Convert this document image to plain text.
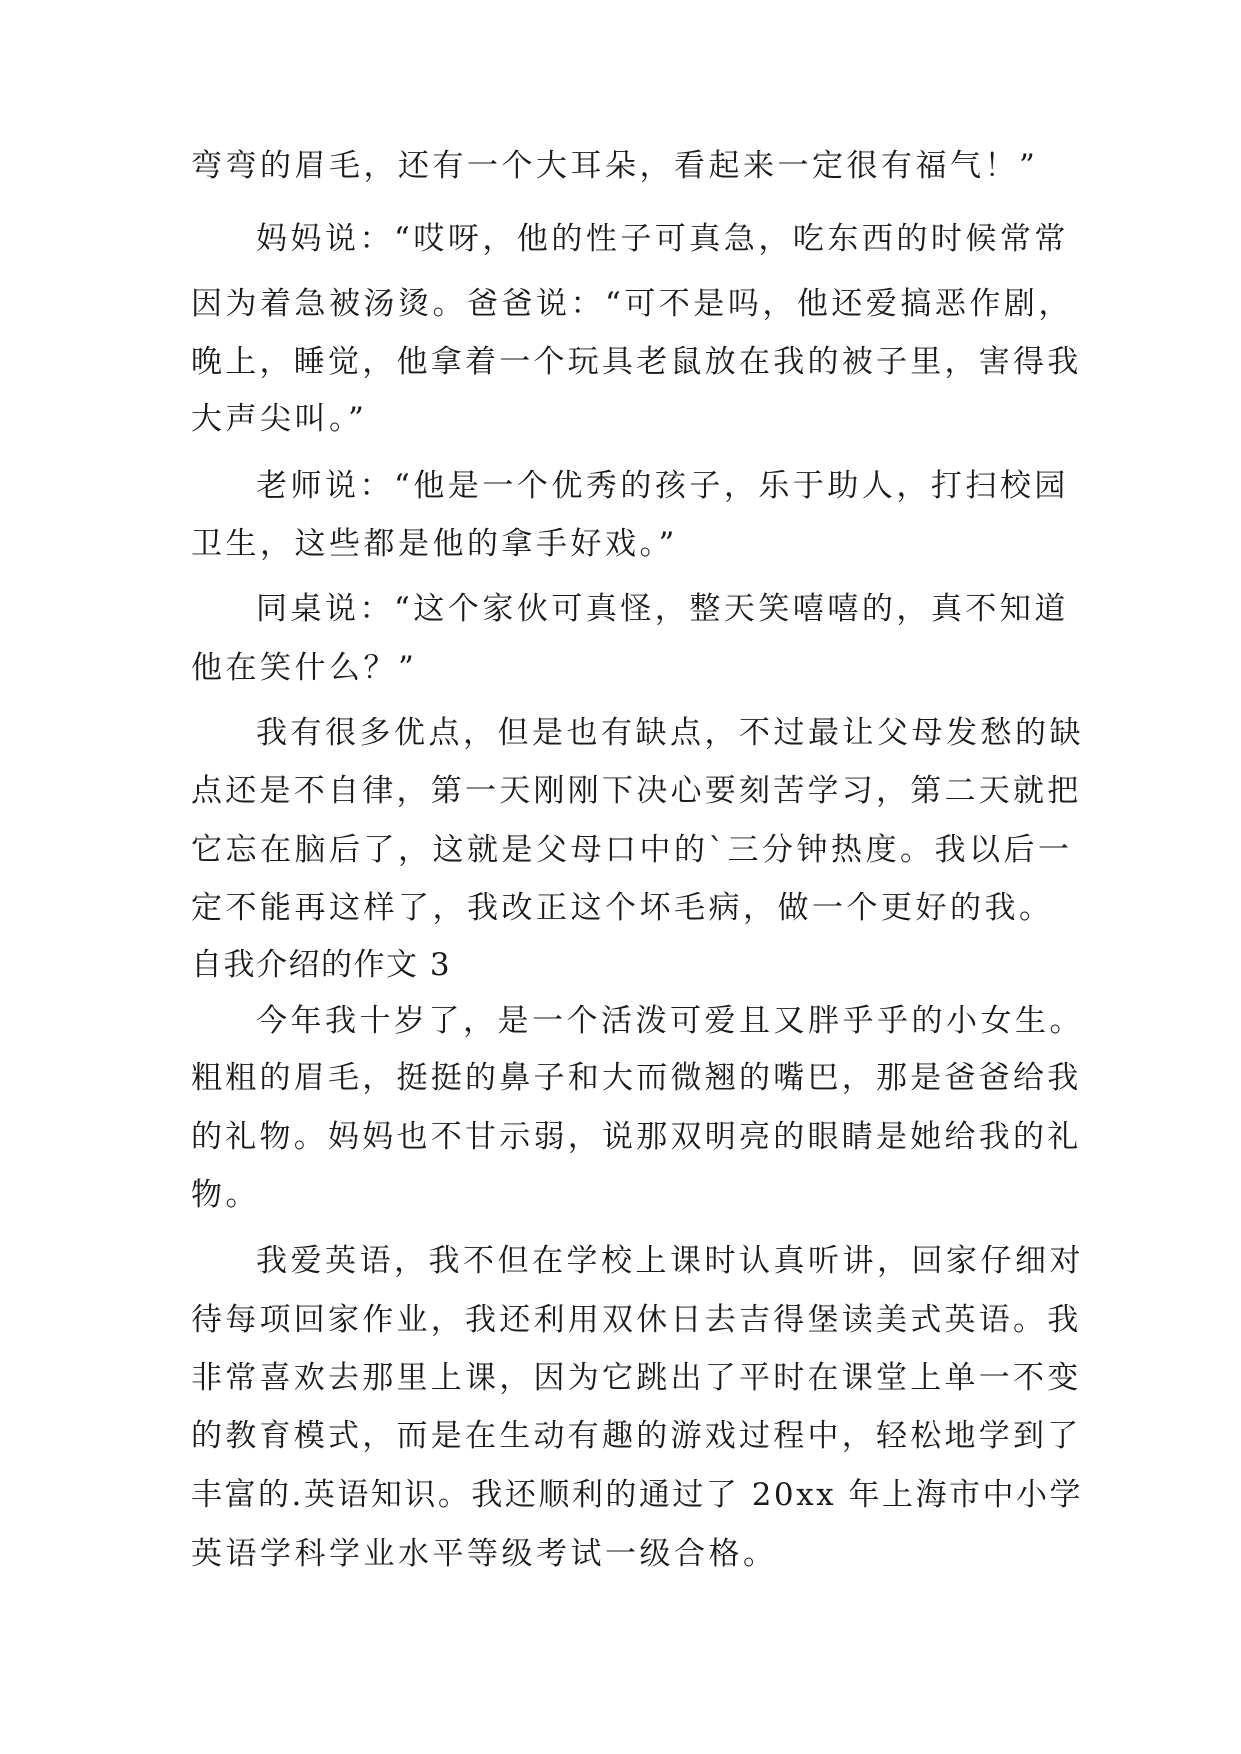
弯弯的眉毛，还有一个大耳朵，看起来一定很有福气！”
妈妈说：“哎呀，他的性子可真急，吃东西的时候常常
因为着急被汤烫。爸爸说：“可不是吗，他还爱搞恶作剧，
晚上，睡觉，他拿着一个玩具老鼠放在我的被子里，害得我
大声尖叫。”
老师说：“他是一个优秀的孩子，乐于助人，打扫校园
卫生，这些都是他的拿手好戏。”
同桌说：“这个家伙可真怪，整天笑嘻嘻的，真不知道
他在笑什么？”
我有很多优点，但是也有缺点，不过最让父母发愁的缺
点还是不自律，第一天刚刚下决心要刻苦学习，第二天就把
它忘在脑后了，这就是父母口中的`三分钟热度。我以后一
定不能再这样了，我改正这个坏毛病，做一个更好的我。
自我介绍的作文 3
今年我十岁了，是一个活泼可爱且又胖乎乎的小女生。
粗粗的眉毛，挺挺的鼻子和大而微翘的嘴巴，那是爸爸给我
的礼物。妈妈也不甘示弱，说那双明亮的眼睛是她给我的礼
物。
我爱英语，我不但在学校上课时认真听讲，回家仔细对
待每项回家作业，我还利用双休日去吉得堡读美式英语。我
非常喜欢去那里上课，因为它跳出了平时在课堂上单一不变
的教育模式，而是在生动有趣的游戏过程中，轻松地学到了
丰富的.英语知识。我还顺利的通过了 20xx 年上海市中小学
英语学科学业水平等级考试一级合格。
